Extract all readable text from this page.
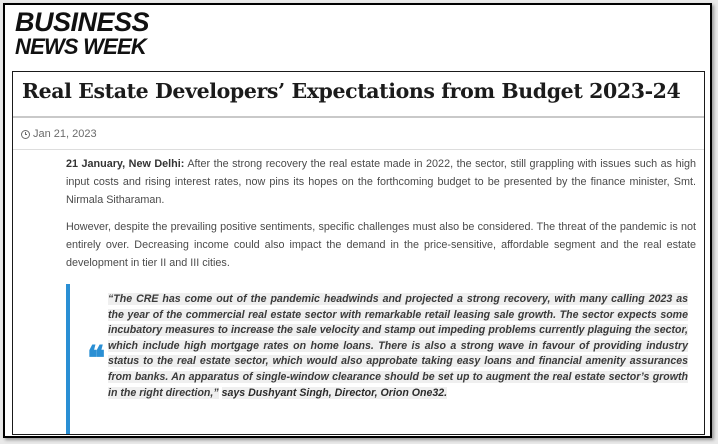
BUSINESS
NEWS WEEK
Real Estate Developers’ Expectations from Budget 2023-24
Jan 21, 2023

21 January, New Delhi: After the strong recovery the real estate made in 2022, the sector, still grappling with issues such as high input costs and rising interest rates, now pins its hopes on the forthcoming budget to be presented by the finance minister, Smt. Nirmala Sitharaman.

However, despite the prevailing positive sentiments, specific challenges must also be considered. The threat of the pandemic is not entirely over. Decreasing income could also impact the demand in the price-sensitive, affordable segment and the real estate development in tier II and III cities.

❝
“The CRE has come out of the pandemic headwinds and projected a strong recovery, with many calling 2023 as the year of the commercial real estate sector with remarkable retail leasing sale growth. The sector expects some incubatory measures to increase the sale velocity and stamp out impeding problems currently plaguing the sector, which include high mortgage rates on home loans. There is also a strong wave in favour of providing industry status to the real estate sector, which would also approbate taking easy loans and financial amenity assurances from banks. An apparatus of single-window clearance should be set up to augment the real estate sector’s growth in the right direction,” says Dushyant Singh, Director, Orion One32.
